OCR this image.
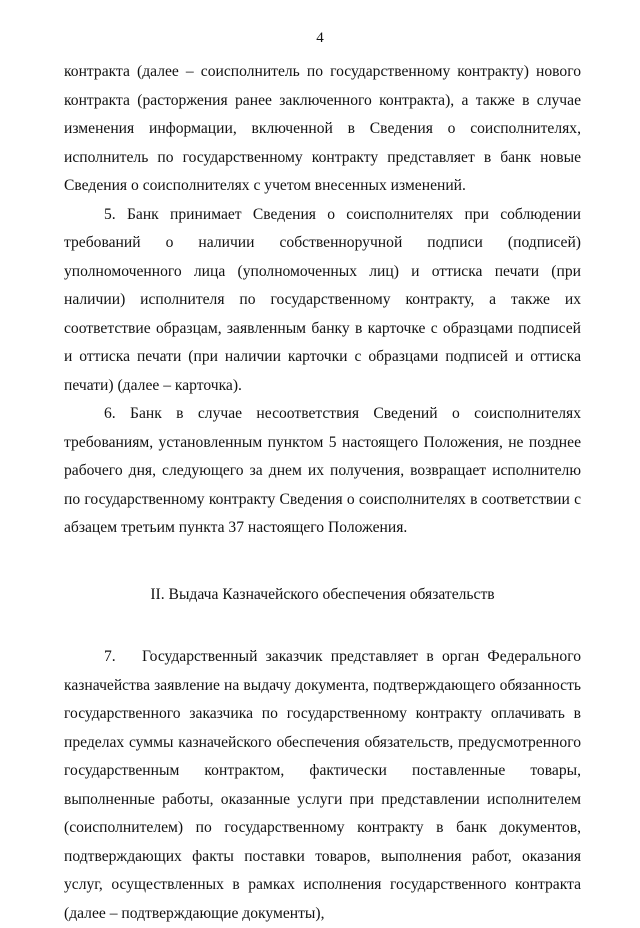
4

контракта (далее – соисполнитель по государственному контракту) нового контракта (расторжения ранее заключенного контракта), а также в случае изменения информации, включенной в Сведения о соисполнителях, исполнитель по государственному контракту представляет в банк новые Сведения о соисполнителях с учетом внесенных изменений.

5. Банк принимает Сведения о соисполнителях при соблюдении требований о наличии собственноручной подписи (подписей) уполномоченного лица (уполномоченных лиц) и оттиска печати (при наличии) исполнителя по государственному контракту, а также их соответствие образцам, заявленным банку в карточке с образцами подписей и оттиска печати (при наличии карточки с образцами подписей и оттиска печати) (далее – карточка).

6. Банк в случае несоответствия Сведений о соисполнителях требованиям, установленным пунктом 5 настоящего Положения, не позднее рабочего дня, следующего за днем их получения, возвращает исполнителю по государственному контракту Сведения о соисполнителях в соответствии с абзацем третьим пункта 37 настоящего Положения.

II. Выдача Казначейского обеспечения обязательств

7. Государственный заказчик представляет в орган Федерального казначейства заявление на выдачу документа, подтверждающего обязанность государственного заказчика по государственному контракту оплачивать в пределах суммы казначейского обеспечения обязательств, предусмотренного государственным контрактом, фактически поставленные товары, выполненные работы, оказанные услуги при представлении исполнителем (соисполнителем) по государственному контракту в банк документов, подтверждающих факты поставки товаров, выполнения работ, оказания услуг, осуществленных в рамках исполнения государственного контракта (далее – подтверждающие документы),
